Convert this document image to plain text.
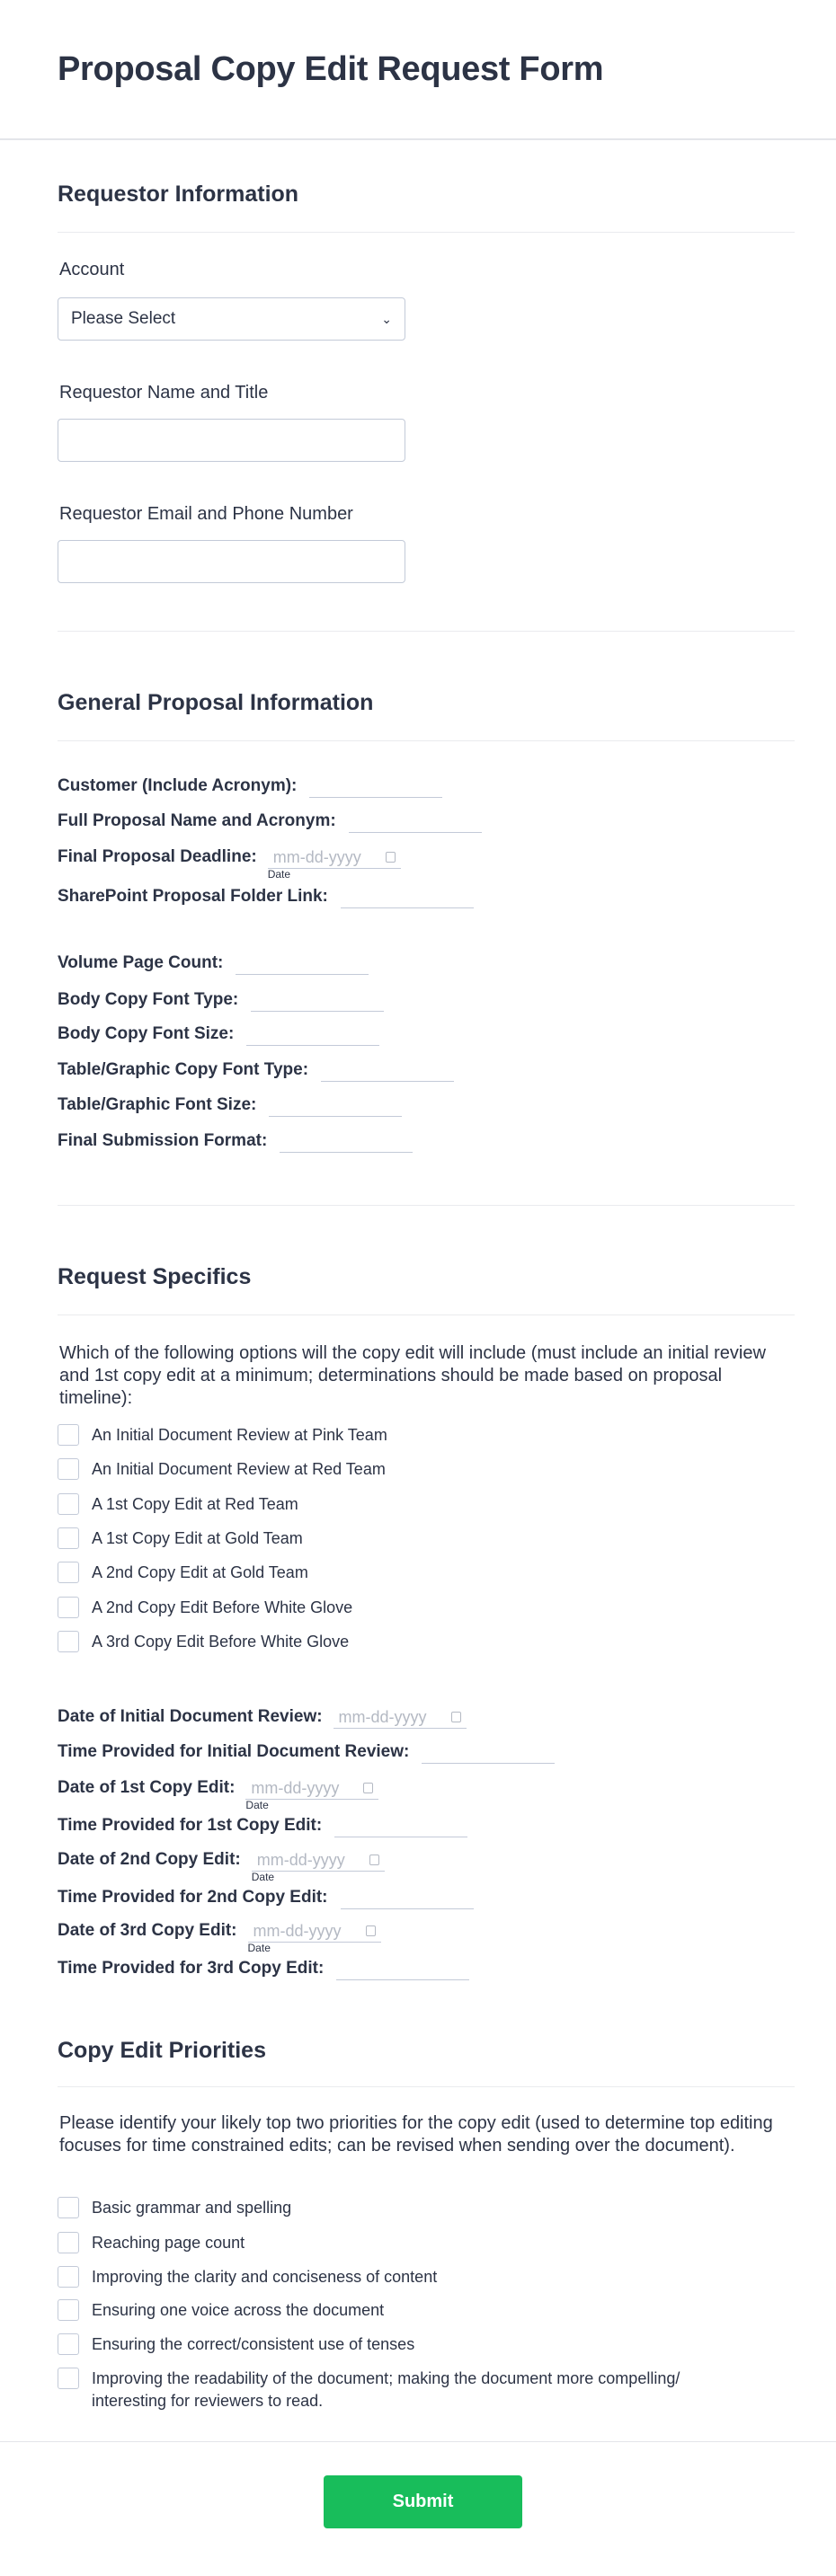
Proposal Copy Edit Request Form
Requestor Information
Account
Please Select	⌄
Requestor Name and Title
Requestor Email and Phone Number
General Proposal Information
Customer (Include Acronym):
Full Proposal Name and Acronym:
Final Proposal Deadline: mm-dd-yyyy
Date
SharePoint Proposal Folder Link:
Volume Page Count:
Body Copy Font Type:
Body Copy Font Size:
Table/Graphic Copy Font Type:
Table/Graphic Font Size:
Final Submission Format:
Request Specifics
Which of the following options will the copy edit will include (must include an initial review and 1st copy edit at a minimum; determinations should be made based on proposal timeline):
An Initial Document Review at Pink Team
An Initial Document Review at Red Team
A 1st Copy Edit at Red Team
A 1st Copy Edit at Gold Team
A 2nd Copy Edit at Gold Team
A 2nd Copy Edit Before White Glove
A 3rd Copy Edit Before White Glove
Date of Initial Document Review: mm-dd-yyyy
Time Provided for Initial Document Review:
Date of 1st Copy Edit: mm-dd-yyyy
Date
Time Provided for 1st Copy Edit:
Date of 2nd Copy Edit: mm-dd-yyyy
Date
Time Provided for 2nd Copy Edit:
Date of 3rd Copy Edit: mm-dd-yyyy
Date
Time Provided for 3rd Copy Edit:
Copy Edit Priorities
Please identify your likely top two priorities for the copy edit (used to determine top editing focuses for time constrained edits; can be revised when sending over the document).
Basic grammar and spelling
Reaching page count
Improving the clarity and conciseness of content
Ensuring one voice across the document
Ensuring the correct/consistent use of tenses
Improving the readability of the document; making the document more compelling/ interesting for reviewers to read.
Submit
